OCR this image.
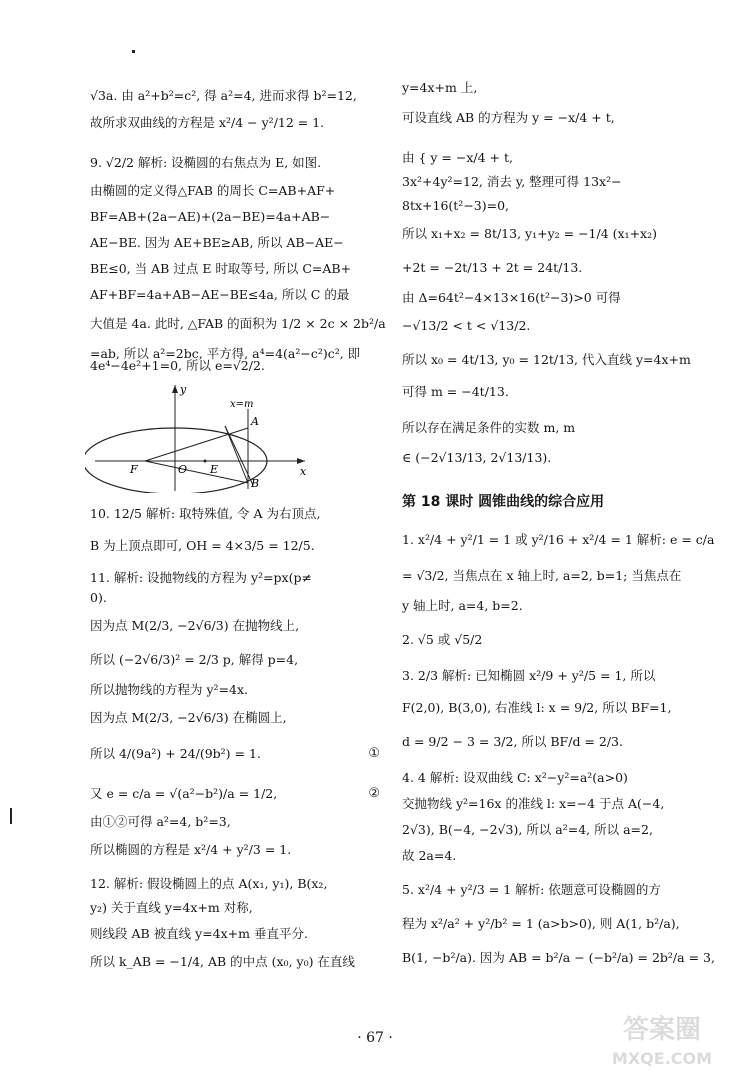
√3a. 由 a²+b²=c², 得 a²=4, 进而求得 b²=12,
故所求双曲线的方程是 x²/4 − y²/12 = 1.
9. √2/2 解析: 设椭圆的右焦点为 E, 如图.
由椭圆的定义得△FAB 的周长 C=AB+AF+
BF=AB+(2a−AE)+(2a−BE)=4a+AB−
AE−BE. 因为 AE+BE≥AB, 所以 AB−AE−
BE≤0, 当 AB 过点 E 时取等号, 所以 C=AB+
AF+BF=4a+AB−AE−BE≤4a, 所以 C 的最
大值是 4a. 此时, △FAB 的面积为 1/2 × 2c × 2b²/a
=ab, 所以 a²=2bc, 平方得, a⁴=4(a²−c²)c², 即
10. 12/5 解析: 取特殊值, 令 A 为右顶点,
B 为上顶点即可, OH = 4×3/5 = 12/5.
11. 解析: 设抛物线的方程为 y²=px(p≠
0).
因为点 M(2/3, −2√6/3) 在抛物线上,
所以 (−2√6/3)² = 2/3 p, 解得 p=4,
所以抛物线的方程为 y²=4x.
因为点 M(2/3, −2√6/3) 在椭圆上,
所以 4/(9a²) + 24/(9b²) = 1.
又 e = c/a = √(a²−b²)/a = 1/2,
由①②可得 a²=4, b²=3,
所以椭圆的方程是 x²/4 + y²/3 = 1.
12. 解析: 假设椭圆上的点 A(x₁, y₁), B(x₂,
y₂) 关于直线 y=4x+m 对称,
则线段 AB 被直线 y=4x+m 垂直平分.
所以 k_AB = −1/4, AB 的中点 (x₀, y₀) 在直线
①
②
4e⁴−4e²+1=0, 所以 e=√2/2.
y
x
x=m
A
B
O E
F
y=4x+m 上,
可设直线 AB 的方程为 y = −x/4 + t,
由 { y = −x/4 + t,
3x²+4y²=12, 消去 y, 整理可得 13x²−
8tx+16(t²−3)=0,
所以 x₁+x₂ = 8t/13, y₁+y₂ = −1/4 (x₁+x₂)
+2t = −2t/13 + 2t = 24t/13.
由 Δ=64t²−4×13×16(t²−3)>0 可得
−√13/2 < t < √13/2.
所以 x₀ = 4t/13, y₀ = 12t/13, 代入直线 y=4x+m
可得 m = −4t/13.
所以存在满足条件的实数 m, m
∈ (−2√13/13, 2√13/13).
第 18 课时 圆锥曲线的综合应用
1. x²/4 + y²/1 = 1 或 y²/16 + x²/4 = 1 解析: e = c/a
= √3/2, 当焦点在 x 轴上时, a=2, b=1; 当焦点在
y 轴上时, a=4, b=2.
2. √5 或 √5/2
3. 2/3 解析: 已知椭圆 x²/9 + y²/5 = 1, 所以
F(2,0), B(3,0), 右准线 l: x = 9/2, 所以 BF=1,
d = 9/2 − 3 = 3/2, 所以 BF/d = 2/3.
4. 4 解析: 设双曲线 C: x²−y²=a²(a>0)
交抛物线 y²=16x 的准线 l: x=−4 于点 A(−4,
2√3), B(−4, −2√3), 所以 a²=4, 所以 a=2,
故 2a=4.
5. x²/4 + y²/3 = 1 解析: 依题意可设椭圆的方
程为 x²/a² + y²/b² = 1 (a>b>0), 则 A(1, b²/a),
B(1, −b²/a). 因为 AB = b²/a − (−b²/a) = 2b²/a = 3,
· 67 ·	答案圈
MXQE.COM
